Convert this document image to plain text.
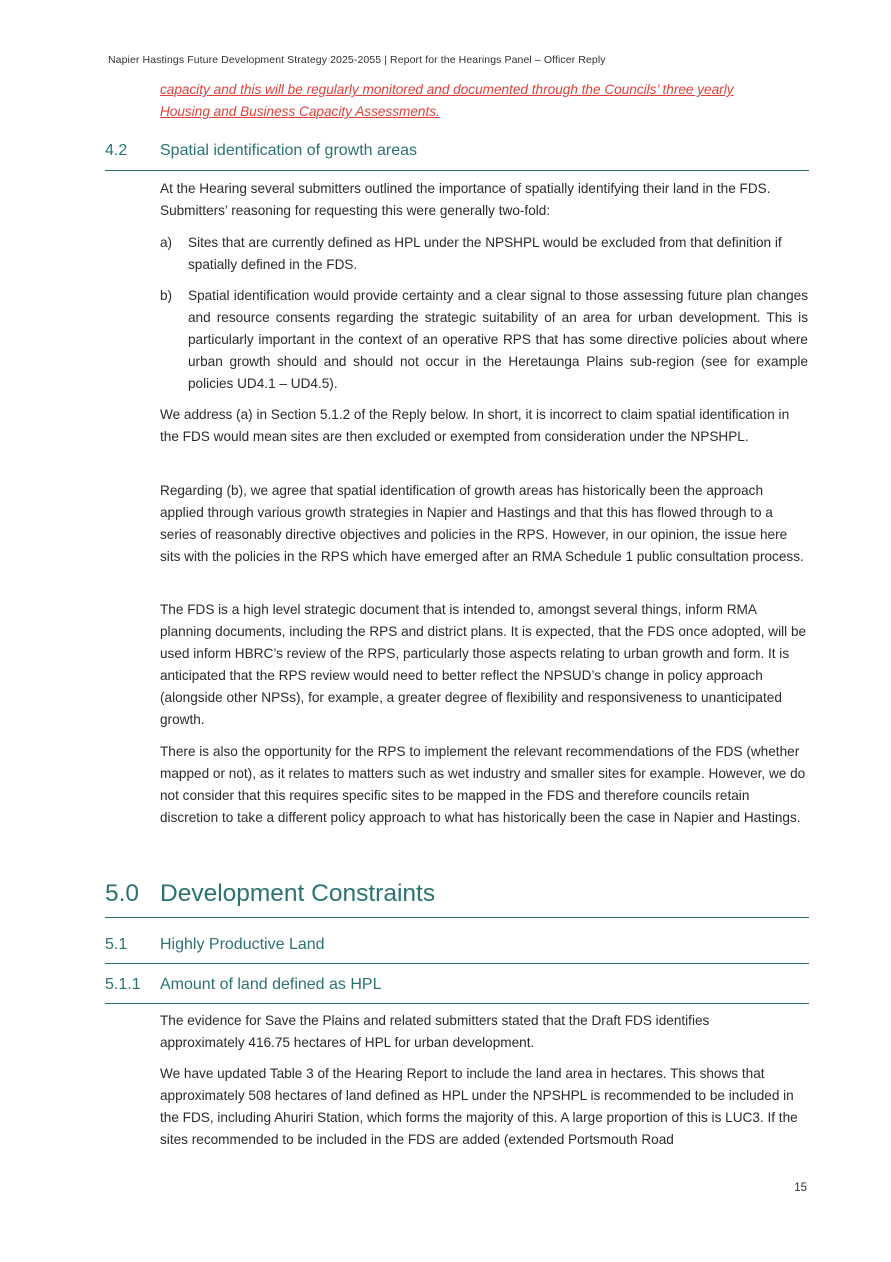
Napier Hastings Future Development Strategy 2025-2055 | Report for the Hearings Panel – Officer Reply

capacity and this will be regularly monitored and documented through the Councils’ three yearly Housing and Business Capacity Assessments.

4.2 Spatial identification of growth areas

At the Hearing several submitters outlined the importance of spatially identifying their land in the FDS. Submitters’ reasoning for requesting this were generally two-fold:

a) Sites that are currently defined as HPL under the NPSHPL would be excluded from that definition if spatially defined in the FDS.

b) Spatial identification would provide certainty and a clear signal to those assessing future plan changes and resource consents regarding the strategic suitability of an area for urban development. This is particularly important in the context of an operative RPS that has some directive policies about where urban growth should and should not occur in the Heretaunga Plains sub-region (see for example policies UD4.1 – UD4.5).

We address (a) in Section 5.1.2 of the Reply below. In short, it is incorrect to claim spatial identification in the FDS would mean sites are then excluded or exempted from consideration under the NPSHPL.

Regarding (b), we agree that spatial identification of growth areas has historically been the approach applied through various growth strategies in Napier and Hastings and that this has flowed through to a series of reasonably directive objectives and policies in the RPS. However, in our opinion, the issue here sits with the policies in the RPS which have emerged after an RMA Schedule 1 public consultation process.

The FDS is a high level strategic document that is intended to, amongst several things, inform RMA planning documents, including the RPS and district plans. It is expected, that the FDS once adopted, will be used inform HBRC’s review of the RPS, particularly those aspects relating to urban growth and form. It is anticipated that the RPS review would need to better reflect the NPSUD’s change in policy approach (alongside other NPSs), for example, a greater degree of flexibility and responsiveness to unanticipated growth.

There is also the opportunity for the RPS to implement the relevant recommendations of the FDS (whether mapped or not), as it relates to matters such as wet industry and smaller sites for example. However, we do not consider that this requires specific sites to be mapped in the FDS and therefore councils retain discretion to take a different policy approach to what has historically been the case in Napier and Hastings.

5.0 Development Constraints
5.1 Highly Productive Land
5.1.1 Amount of land defined as HPL

The evidence for Save the Plains and related submitters stated that the Draft FDS identifies approximately 416.75 hectares of HPL for urban development.

We have updated Table 3 of the Hearing Report to include the land area in hectares. This shows that approximately 508 hectares of land defined as HPL under the NPSHPL is recommended to be included in the FDS, including Ahuriri Station, which forms the majority of this. A large proportion of this is LUC3. If the sites recommended to be included in the FDS are added (extended Portsmouth Road

15
